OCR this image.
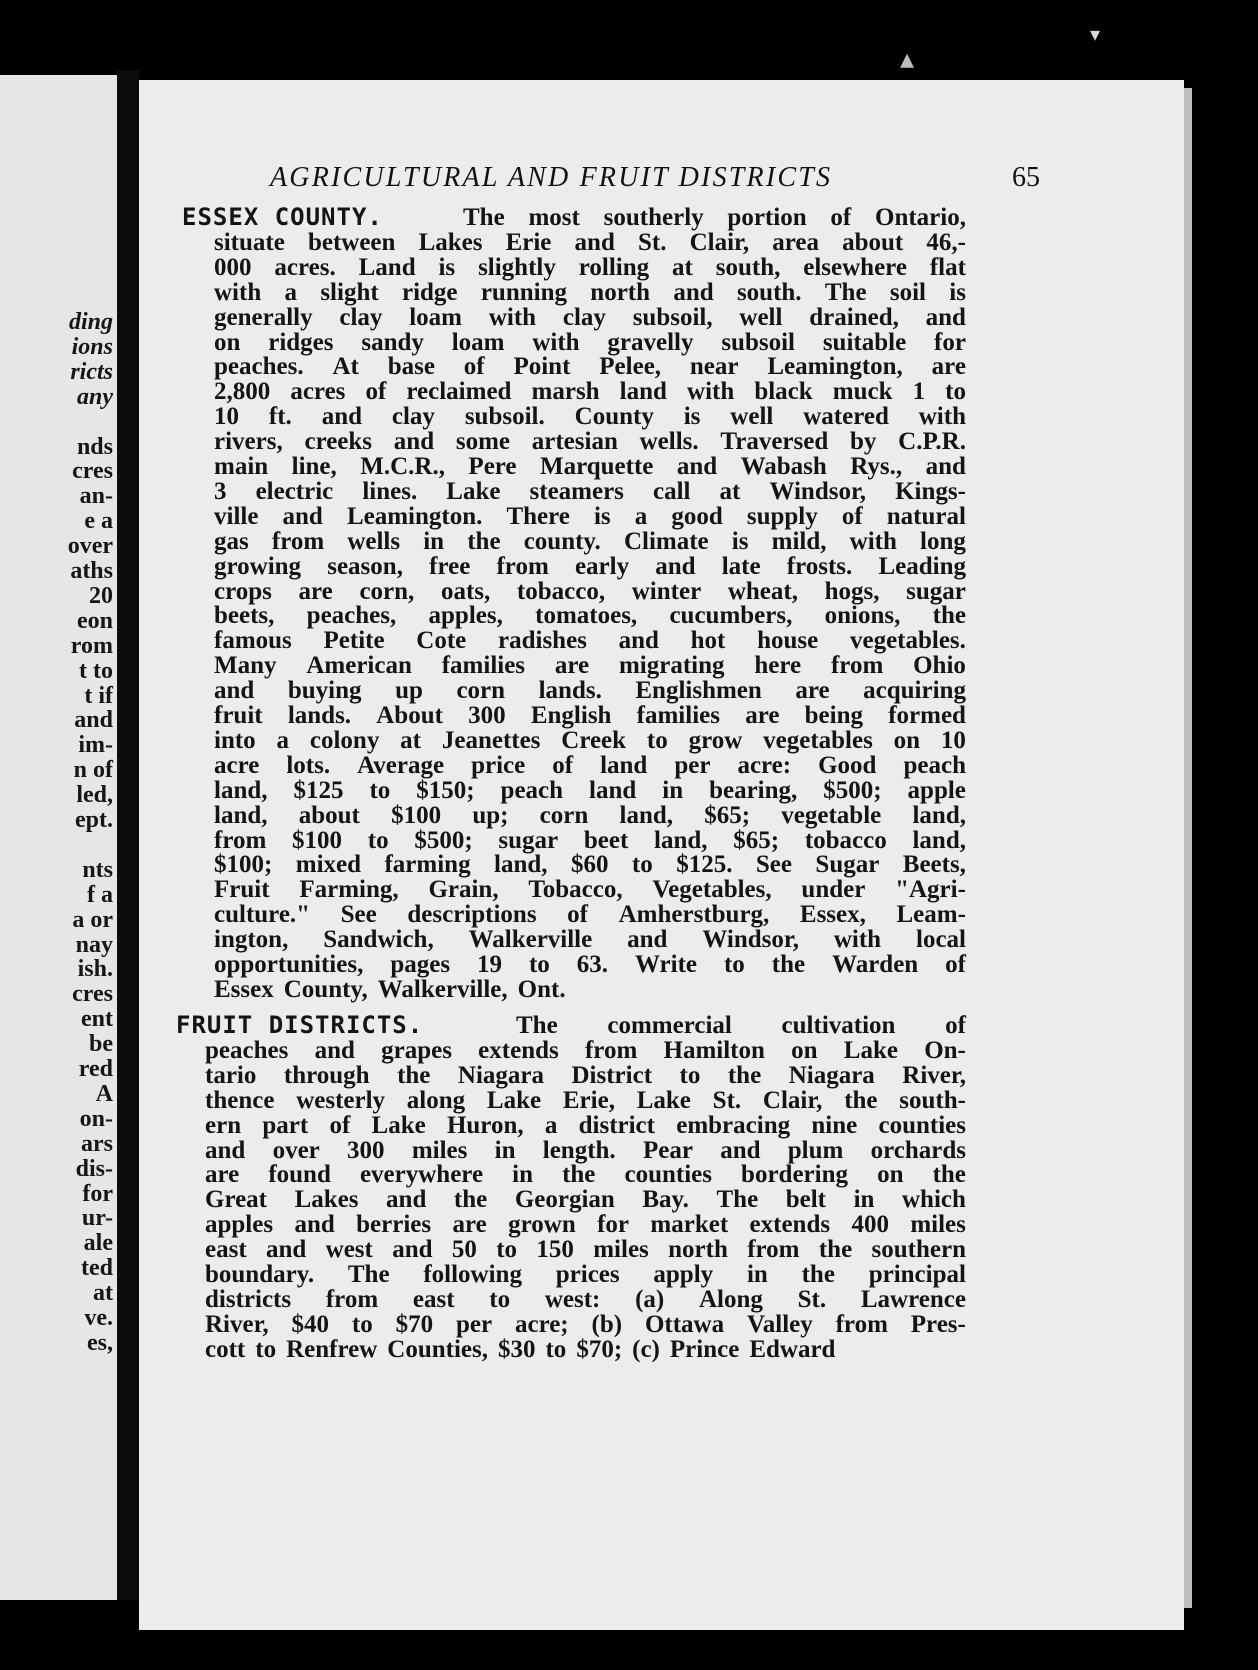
ding
ions
ricts
any
nds
cres
an-
e a
over
aths
20
eon
rom
t to
t if
and
im-
n of
led,
ept.
nts
f a
a or
nay
ish.
cres
ent
be
red
A
on-
ars
dis-
for
ur-
ale
ted
at
ve.
es,
▾
▴
AGRICULTURAL AND FRUIT DISTRICTS	65
ESSEX COUNTY.	The most southerly portion of Ontario,
situate between Lakes Erie and St. Clair, area about 46,-
000 acres. Land is slightly rolling at south, elsewhere flat
with a slight ridge running north and south. The soil is
generally clay loam with clay subsoil, well drained, and
on ridges sandy loam with gravelly subsoil suitable for
peaches. At base of Point Pelee, near Leamington, are
2,800 acres of reclaimed marsh land with black muck 1 to
10 ft. and clay subsoil. County is well watered with
rivers, creeks and some artesian wells. Traversed by C.P.R.
main line, M.C.R., Pere Marquette and Wabash Rys., and
3 electric lines. Lake steamers call at Windsor, Kings-
ville and Leamington. There is a good supply of natural
gas from wells in the county. Climate is mild, with long
growing season, free from early and late frosts. Leading
crops are corn, oats, tobacco, winter wheat, hogs, sugar
beets, peaches, apples, tomatoes, cucumbers, onions, the
famous Petite Cote radishes and hot house vegetables.
Many American families are migrating here from Ohio
and buying up corn lands. Englishmen are acquiring
fruit lands. About 300 English families are being formed
into a colony at Jeanettes Creek to grow vegetables on 10
acre lots. Average price of land per acre: Good peach
land, $125 to $150; peach land in bearing, $500; apple
land, about $100 up; corn land, $65; vegetable land,
from $100 to $500; sugar beet land, $65; tobacco land,
$100; mixed farming land, $60 to $125. See Sugar Beets,
Fruit Farming, Grain, Tobacco, Vegetables, under "Agri-
culture." See descriptions of Amherstburg, Essex, Leam-
ington, Sandwich, Walkerville and Windsor, with local
opportunities, pages 19 to 63. Write to the Warden of
Essex County, Walkerville, Ont.
FRUIT DISTRICTS.	The commercial cultivation of
peaches and grapes extends from Hamilton on Lake On-
tario through the Niagara District to the Niagara River,
thence westerly along Lake Erie, Lake St. Clair, the south-
ern part of Lake Huron, a district embracing nine counties
and over 300 miles in length. Pear and plum orchards
are found everywhere in the counties bordering on the
Great Lakes and the Georgian Bay. The belt in which
apples and berries are grown for market extends 400 miles
east and west and 50 to 150 miles north from the southern
boundary. The following prices apply in the principal
districts from east to west: (a) Along St. Lawrence
River, $40 to $70 per acre; (b) Ottawa Valley from Pres-
cott to Renfrew Counties, $30 to $70; (c) Prince Edward
